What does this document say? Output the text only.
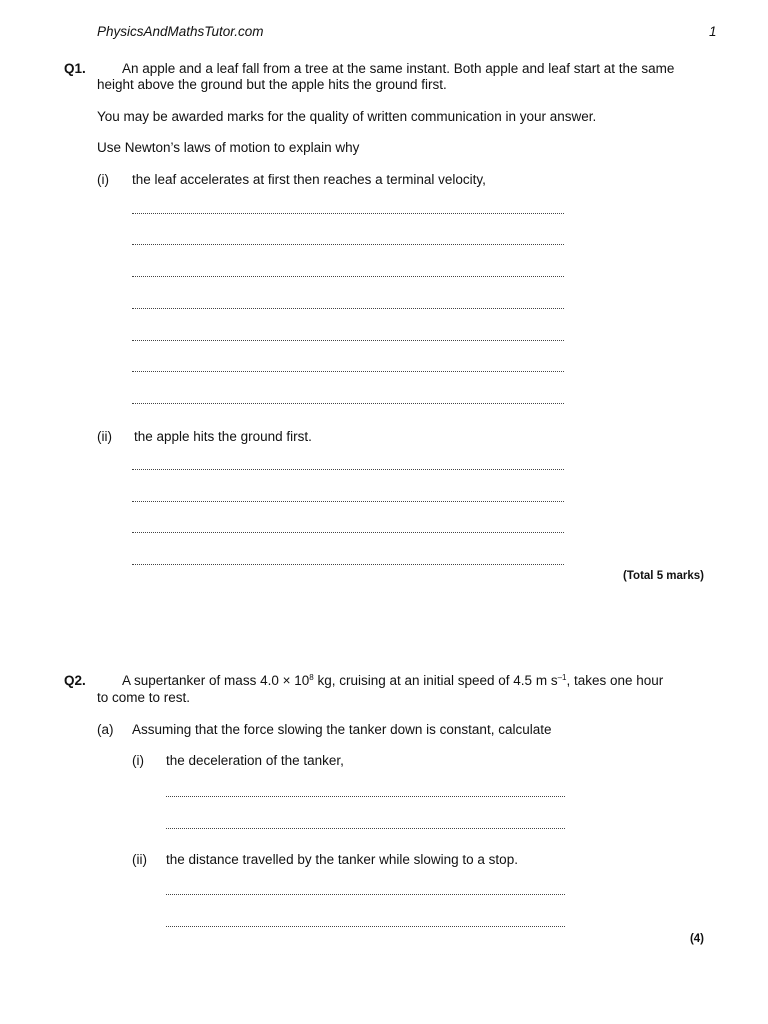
PhysicsAndMathsTutor.com	1
Q1.	An apple and a leaf fall from a tree at the same instant. Both apple and leaf start at the same
height above the ground but the apple hits the ground first.
You may be awarded marks for the quality of written communication in your answer.
Use Newton’s laws of motion to explain why
(i) the leaf accelerates at first then reaches a terminal velocity,
(ii) the apple hits the ground first.
(Total 5 marks)
Q2.	A supertanker of mass $4.0 \times 10^8$ kg, cruising at an initial speed of 4.5 m $s^{-1}$, takes one hour
to come to rest.
(a) Assuming that the force slowing the tanker down is constant, calculate
(i) the deceleration of the tanker,
(ii) the distance travelled by the tanker while slowing to a stop.
(4)
